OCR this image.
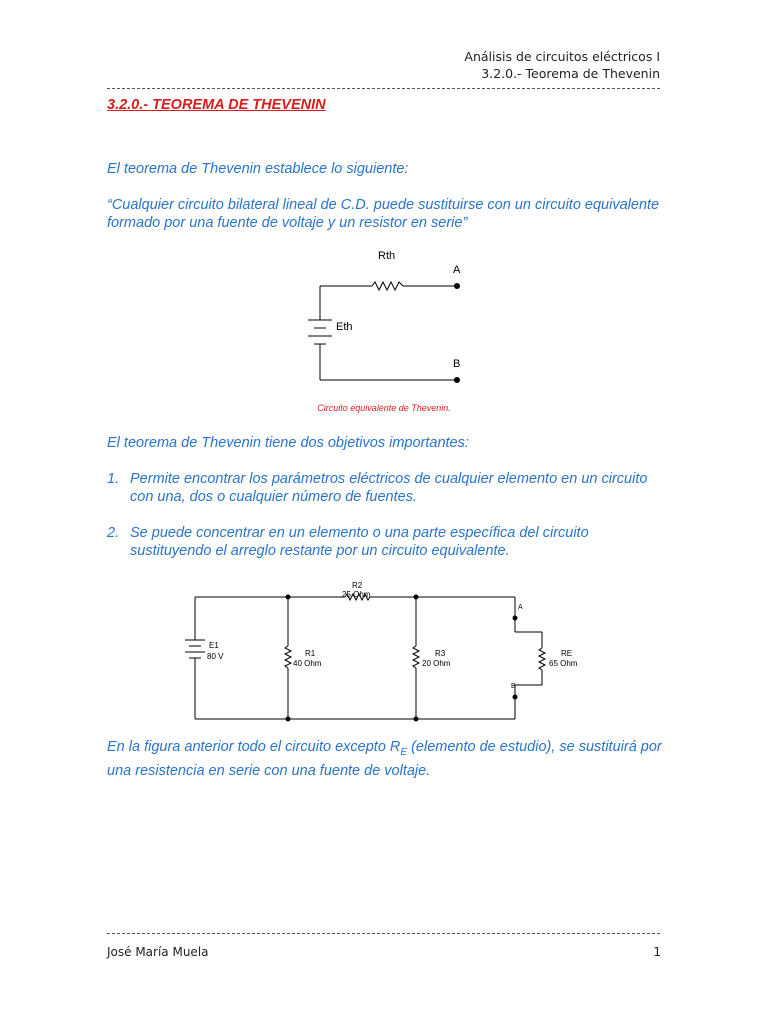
Análisis de circuitos eléctricos I
3.2.0.- Teorema de Thevenin
3.2.0.- TEOREMA DE THEVENIN

El teorema de Thevenin establece lo siguiente:

“Cualquier circuito bilateral lineal de C.D. puede sustituirse con un circuito equivalente formado por una fuente de voltaje y un resistor en serie”

Rth
A
Eth
B
Circuito equivalente de Thevenin.

El teorema de Thevenin tiene dos objetivos importantes:

1. Permite encontrar los parámetros eléctricos de cualquier elemento en un circuito con una, dos o cualquier número de fuentes.
2. Se puede concentrar en un elemento o una parte específica del circuito sustituyendo el arreglo restante por un circuito equivalente.
R2
25 Ohm
E1
80 V	R1
40 Ohm
R3
20 Ohm
RE
65 Ohm
A
B

En la figura anterior todo el circuito excepto $R_E$ (elemento de estudio), se sustituirá por una resistencia en serie con una fuente de voltaje.

José María Muela	1
